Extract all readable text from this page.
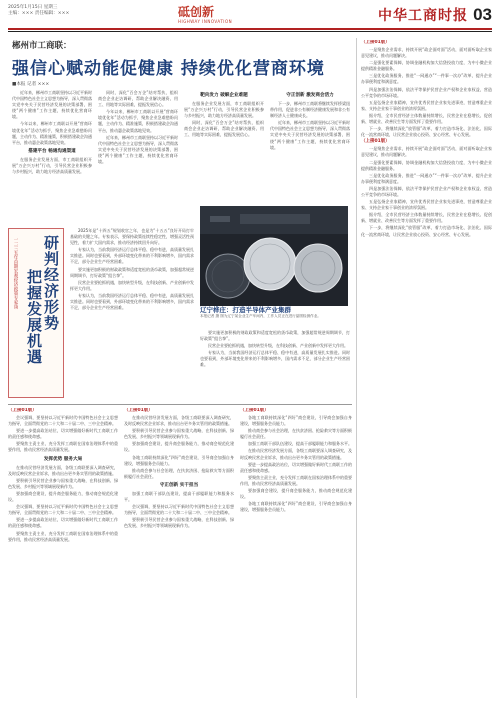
2025年1月15日 星期三
主编：××× 责任编辑：×××	砥创新
HIGHWAY INNOVATION	中华工商时报 03
郴州市工商联：
强信心赋动能促健康 持续优化营商环境
■本报 记者 ×××

近年来，郴州市工商联坚持以习近平新时代中国特色社会主义思想为指导，深入贯彻落实党中央关于民营经济发展的决策部署，围绕“两个健康”工作主题，持续优化营商环境。

今年以来，郴州市工商联以开展“营商环境优化年”活动为抓手，聚焦企业急难愁盼问题，主动作为、精准施策，积极搭建政企沟通平台，推动惠企政策落地见效。

搭建平台 畅通沟通渠道

在服务企业发展方面，市工商联组织开展“万企兴万村”行动，引导民营企业积极参与乡村振兴，助力地方经济高质量发展。

同时，深化“百会万企”结对帮扶，组织商会企业走访调研，帮助企业解决融资、用工、用地等实际困难，提振发展信心。

今年以来，郴州市工商联以开展“营商环境优化年”活动为抓手，聚焦企业急难愁盼问题，主动作为、精准施策，积极搭建政企沟通平台，推动惠企政策落地见效。

近年来，郴州市工商联坚持以习近平新时代中国特色社会主义思想为指导，深入贯彻落实党中央关于民营经济发展的决策部署，围绕“两个健康”工作主题，持续优化营商环境。

靶向发力 破解企业难题

在服务企业发展方面，市工商联组织开展“万企兴万村”行动，引导民营企业积极参与乡村振兴，助力地方经济高质量发展。

同时，深化“百会万企”结对帮扶，组织商会企业走访调研，帮助企业解决融资、用工、用地等实际困难，提振发展信心。

守正创新 激发商会活力

下一步，郴州市工商联将继续发挥桥梁纽带作用，促进非公有制经济健康发展和非公有制经济人士健康成长。

近年来，郴州市工商联坚持以习近平新时代中国特色社会主义思想为指导，深入贯彻落实党中央关于民营经济发展的决策部署，围绕“两个健康”工作主题，持续优化营商环境。

（上接01版）

一是聚焦企业需求，持续开展“政企面对面”活动，面对面听取企业家意见建议，推动问题解决。

二是强化要素保障，协调金融机构加大信贷投放力度，为中小微企业提供精准金融服务。

三是优化政务服务，推进“一网通办”“一件事一次办”改革，提升企业办事便利度和满意度。

四是加强法治保障，依法平等保护民营企业产权和企业家权益，营造公平竞争的市场环境。

五是弘扬企业家精神，宣传优秀民营企业家先进事迹，营造尊重企业家、支持企业家干事创业的浓厚氛围。

据介绍，全市民营经济主体数量持续增长，民营企业在稳增长、促创新、增就业、改善民生等方面发挥了重要作用。

下一步，将继续深化“放管服”改革，着力打造市场化、法治化、国际化一流营商环境，让民营企业放心投资、安心经营、专心发展。

（上接01版）

一是聚焦企业需求，持续开展“政企面对面”活动，面对面听取企业家意见建议，推动问题解决。

二是强化要素保障，协调金融机构加大信贷投放力度，为中小微企业提供精准金融服务。

三是优化政务服务，推进“一网通办”“一件事一次办”改革，提升企业办事便利度和满意度。

四是加强法治保障，依法平等保护民营企业产权和企业家权益，营造公平竞争的市场环境。

五是弘扬企业家精神，宣传优秀民营企业家先进事迹，营造尊重企业家、支持企业家干事创业的浓厚氛围。

据介绍，全市民营经济主体数量持续增长，民营企业在稳增长、促创新、增就业、改善民生等方面发挥了重要作用。

下一步，将继续深化“放管服”改革，着力打造市场化、法治化、国际化一流营商环境，让民营企业放心投资、安心经营、专心发展。

一二三五年首期宏观经济政策专家谈 研判经济形势
把握发展机遇

2025年是“十四五”规划收官之年，也是为“十五五”良好开局打牢基础的关键之年。专家表示，要保持政策连续性稳定性，增强灵活性预见性，着力扩大国内需求，推动经济持续回升向好。

专家认为，当前我国经济运行总体平稳、稳中有进，高质量发展扎实推进。同时也要看到，外部环境变化带来的不利影响增多，国内需求不足，部分企业生产经营困难。

要实施更加积极的财政政策和适度宽松的货币政策，加强超常规逆周期调节，打好政策“组合拳”。

民营企业要抢抓机遇，加快转型升级，在科技创新、产业创新中发挥更大作用。

专家认为，当前我国经济运行总体平稳、稳中有进，高质量发展扎实推进。同时也要看到，外部环境变化带来的不利影响增多，国内需求不足，部分企业生产经营困难。

要实施更加积极的财政政策和适度宽松的货币政策，加强超常规逆周期调节，打好政策“组合拳”。

民营企业要抢抓机遇，加快转型升级，在科技创新、产业创新中发挥更大作用。

专家认为，当前我国经济运行总体平稳、稳中有进，高质量发展扎实推进。同时也要看到，外部环境变化带来的不利影响增多，国内需求不足，部分企业生产经营困难。

辽宁桦庄：打造半导体产业集群
本报记者 摄 图为辽宁某企业生产车间内，工作人员正在进行晶圆检测作业。
（上接01版）

会议强调，要坚持以习近平新时代中国特色社会主义思想为指导，全面贯彻党的二十大和二十届二中、三中全会精神。

要进一步提高政治站位，切实增强做好新时代工商联工作的责任感和使命感。

要聚焦主责主业，充分发挥工商联在国家治理体系中的重要作用，推动民营经济高质量发展。

发挥优势 服务大局

在推动民营经济发展方面，各级工商联要深入调查研究，及时反映民营企业诉求，推动出台更多务实管用的政策措施。

要积极引导民营企业参与国家重大战略，在科技创新、绿色发展、乡村振兴等领域展现新作为。

要加强商会建设，提升商会服务能力，推动商会规范化建设。

会议强调，要坚持以习近平新时代中国特色社会主义思想为指导，全面贯彻党的二十大和二十届二中、三中全会精神。

要进一步提高政治站位，切实增强做好新时代工商联工作的责任感和使命感。

要聚焦主责主业，充分发挥工商联在国家治理体系中的重要作用，推动民营经济高质量发展。

（上接01版）

在推动民营经济发展方面，各级工商联要深入调查研究，及时反映民营企业诉求，推动出台更多务实管用的政策措施。

要积极引导民营企业参与国家重大战略，在科技创新、绿色发展、乡村振兴等领域展现新作为。

要加强商会建设，提升商会服务能力，推动商会规范化建设。

各地工商联持续深化“四好”商会建设，引导商会加强自身建设，增强服务会员能力。

推动商会参与社会治理，在扶贫济困、抢险救灾等方面积极履行社会责任。

守正创新 实干担当

加强工商联干部队伍建设，提高干部履职能力和服务水平。

会议强调，要坚持以习近平新时代中国特色社会主义思想为指导，全面贯彻党的二十大和二十届二中、三中全会精神。

要积极引导民营企业参与国家重大战略，在科技创新、绿色发展、乡村振兴等领域展现新作为。

（上接01版）

各地工商联持续深化“四好”商会建设，引导商会加强自身建设，增强服务会员能力。

推动商会参与社会治理，在扶贫济困、抢险救灾等方面积极履行社会责任。

加强工商联干部队伍建设，提高干部履职能力和服务水平。

在推动民营经济发展方面，各级工商联要深入调查研究，及时反映民营企业诉求，推动出台更多务实管用的政策措施。

要进一步提高政治站位，切实增强做好新时代工商联工作的责任感和使命感。

要聚焦主责主业，充分发挥工商联在国家治理体系中的重要作用，推动民营经济高质量发展。

要加强商会建设，提升商会服务能力，推动商会规范化建设。

各地工商联持续深化“四好”商会建设，引导商会加强自身建设，增强服务会员能力。
